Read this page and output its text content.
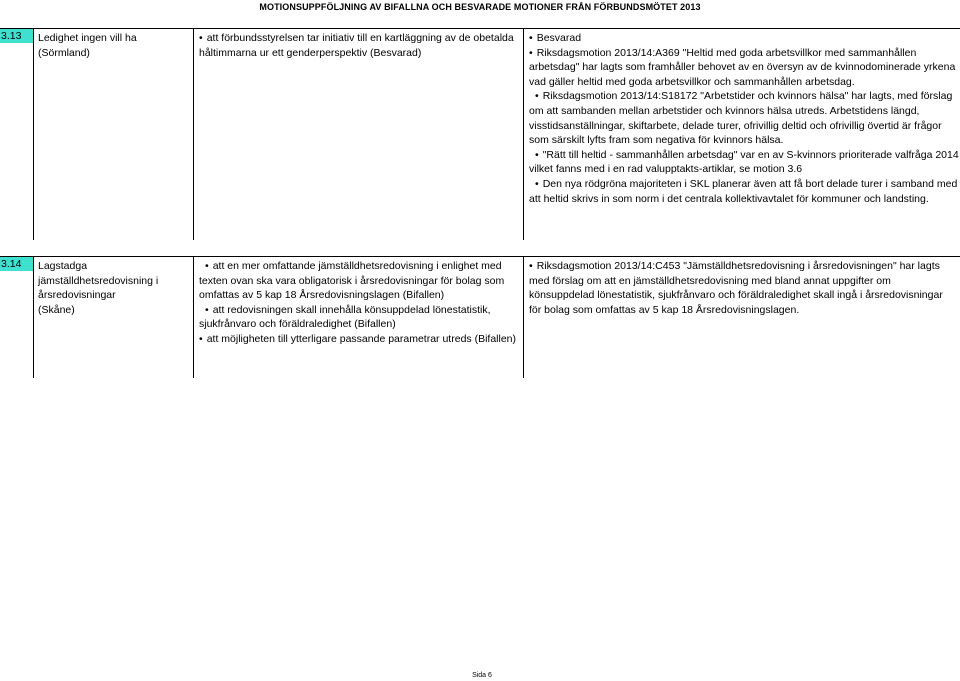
MOTIONSUPPFÖLJNING AV BIFALLNA OCH BESVARADE MOTIONER FRÅN FÖRBUNDSMÖTET 2013
3.13	Ledighet ingen vill ha
(Sörmland)
• att förbundsstyrelsen tar initiativ till en kartläggning av de obetalda
håltimmarna ur ett genderperspektiv (Besvarad)
• Besvarad
• Riksdagsmotion 2013/14:A369 "Heltid med goda arbetsvillkor med sammanhållen
arbetsdag" har lagts som framhåller behovet av en översyn av de kvinnodominerade yrkena
vad gäller heltid med goda arbetsvillkor och sammanhållen arbetsdag.
• Riksdagsmotion 2013/14:S18172 "Arbetstider och kvinnors hälsa" har lagts, med förslag
om att sambanden mellan arbetstider och kvinnors hälsa utreds. Arbetstidens längd,
visstidsanställningar, skiftarbete, delade turer, ofrivillig deltid och ofrivillig övertid är frågor
som särskilt lyfts fram som negativa för kvinnors hälsa.
• "Rätt till heltid - sammanhållen arbetsdag" var en av S-kvinnors prioriterade valfråga 2014
vilket fanns med i en rad valupptakts-artiklar, se motion 3.6
• Den nya rödgröna majoriteten i SKL planerar även att få bort delade turer i samband med
att heltid skrivs in som norm i det centrala kollektivavtalet för kommuner och landsting.
3.14	Lagstadga
jämställdhetsredovisning i
årsredovisningar
(Skåne)
• att en mer omfattande jämställdhetsredovisning i enlighet med
texten ovan ska vara obligatorisk i årsredovisningar för bolag som
omfattas av 5 kap 18 Årsredovisningslagen (Bifallen)
• att redovisningen skall innehålla könsuppdelad lönestatistik,
sjukfrånvaro och föräldraledighet (Bifallen)
• att möjligheten till ytterligare passande parametrar utreds (Bifallen)
• Riksdagsmotion 2013/14:C453 "Jämställdhetsredovisning i årsredovisningen" har lagts
med förslag om att en jämställdhetsredovisning med bland annat uppgifter om
könsuppdelad lönestatistik, sjukfrånvaro och föräldraledighet skall ingå i årsredovisningar
för bolag som omfattas av 5 kap 18 Årsredovisningslagen.
Sida 6
